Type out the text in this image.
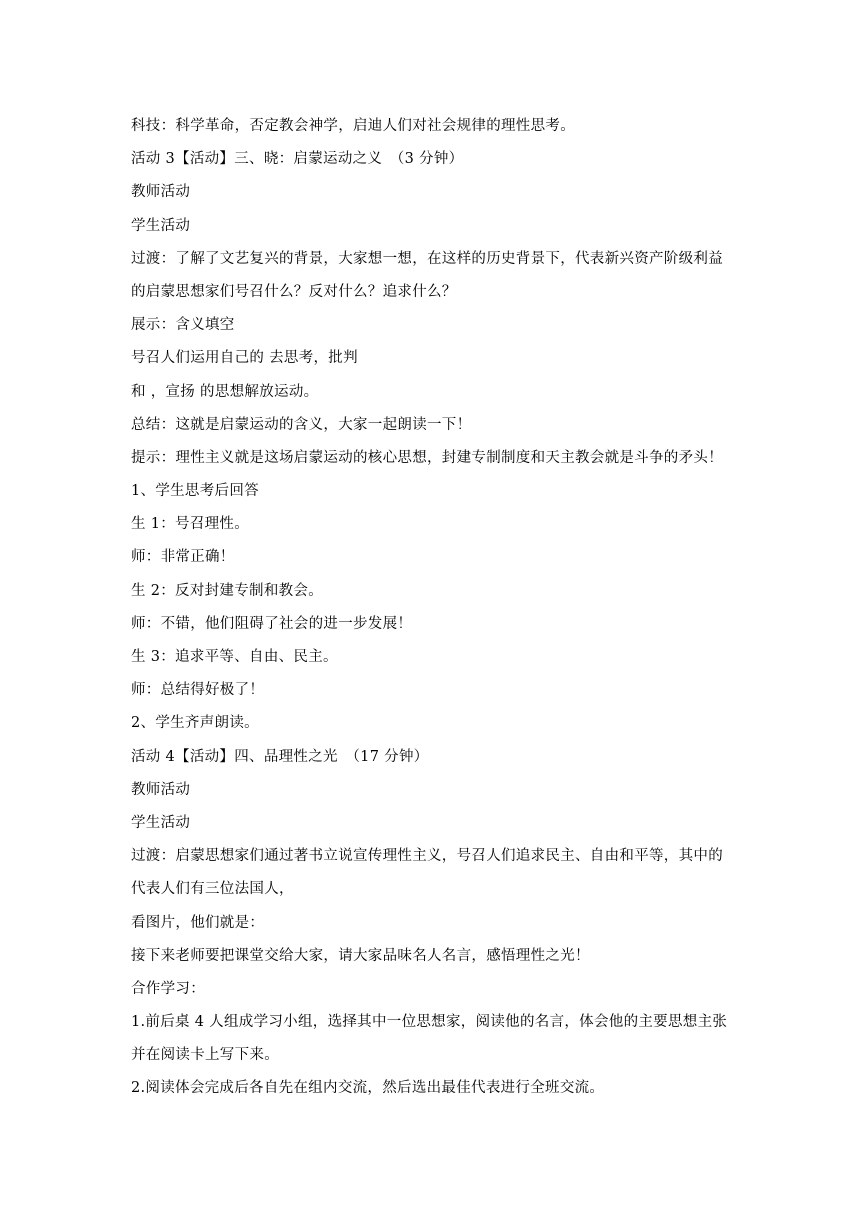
科技：科学革命，否定教会神学，启迪人们对社会规律的理性思考。
活动 3【活动】三、晓：启蒙运动之义　（3 分钟）
教师活动
学生活动
过渡：了解了文艺复兴的背景，大家想一想，在这样的历史背景下，代表新兴资产阶级利益
的启蒙思想家们号召什么？反对什么？追求什么？
展示：含义填空
号召人们运用自己的 去思考，批判
和 ，宣扬 的思想解放运动。
总结：这就是启蒙运动的含义，大家一起朗读一下！
提示：理性主义就是这场启蒙运动的核心思想，封建专制制度和天主教会就是斗争的矛头！
1、学生思考后回答
生 1：号召理性。
师：非常正确！
生 2：反对封建专制和教会。
师：不错，他们阻碍了社会的进一步发展！
生 3：追求平等、自由、民主。
师：总结得好极了！
2、学生齐声朗读。
活动 4【活动】四、品理性之光　（17 分钟）
教师活动
学生活动
过渡：启蒙思想家们通过著书立说宣传理性主义，号召人们追求民主、自由和平等，其中的
代表人们有三位法国人，
看图片，他们就是：
接下来老师要把课堂交给大家，请大家品味名人名言，感悟理性之光！
合作学习：
1.前后桌 4 人组成学习小组，选择其中一位思想家，阅读他的名言，体会他的主要思想主张
并在阅读卡上写下来。
2.阅读体会完成后各自先在组内交流，然后选出最佳代表进行全班交流。
